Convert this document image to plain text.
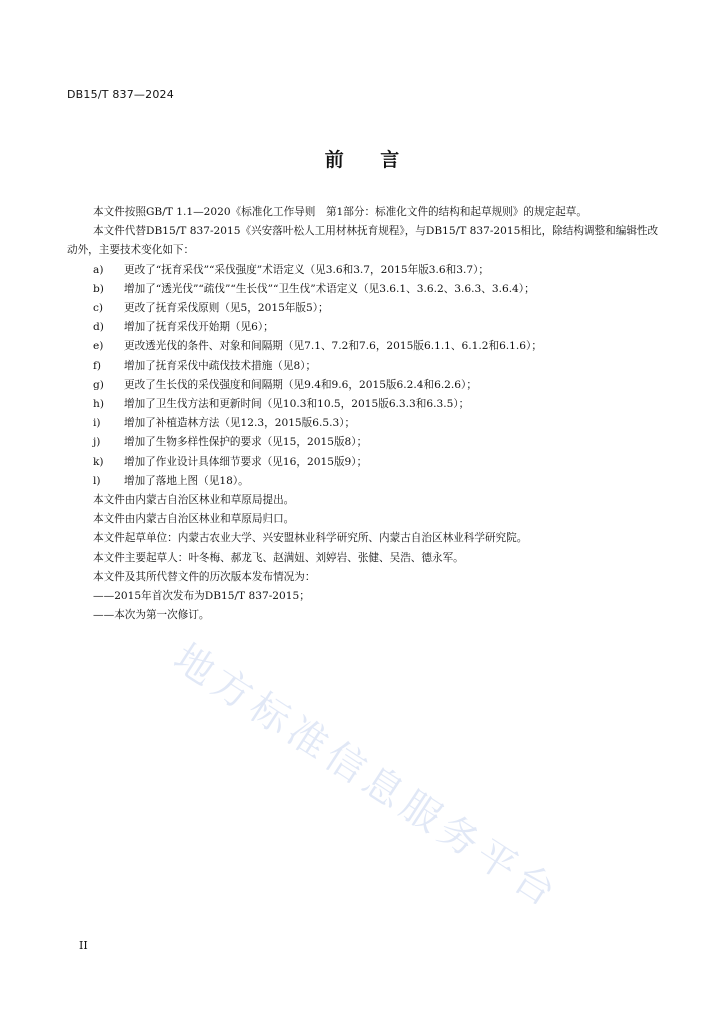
DB15/T 837—2024
前 言

本文件按照GB/T 1.1—2020《标准化工作导则　第1部分：标准化文件的结构和起草规则》的规定起草。

本文件代替DB15/T 837-2015《兴安落叶松人工用材林抚育规程》，与DB15/T 837-2015相比，除结构调整和编辑性改动外，主要技术变化如下：

a)	更改了“抚育采伐”“采伐强度”术语定义（见3.6和3.7，2015年版3.6和3.7）；

b)	增加了“透光伐”“疏伐”“生长伐”“卫生伐”术语定义（见3.6.1、3.6.2、3.6.3、3.6.4）；

c)	更改了抚育采伐原则（见5，2015年版5）；

d)	增加了抚育采伐开始期（见6）；

e)	更改透光伐的条件、对象和间隔期（见7.1、7.2和7.6，2015版6.1.1、6.1.2和6.1.6）；

f)	增加了抚育采伐中疏伐技术措施（见8）；

g)	更改了生长伐的采伐强度和间隔期（见9.4和9.6，2015版6.2.4和6.2.6）；

h)	增加了卫生伐方法和更新时间（见10.3和10.5，2015版6.3.3和6.3.5）；

i)	增加了补植造林方法（见12.3，2015版6.5.3）；

j)	增加了生物多样性保护的要求（见15，2015版8）；

k)	增加了作业设计具体细节要求（见16，2015版9）；

l)	增加了落地上图（见18）。

本文件由内蒙古自治区林业和草原局提出。

本文件由内蒙古自治区林业和草原局归口。

本文件起草单位：内蒙古农业大学、兴安盟林业科学研究所、内蒙古自治区林业科学研究院。

本文件主要起草人：叶冬梅、郝龙飞、赵满妞、刘婷岩、张健、吴浩、德永军。

本文件及其所代替文件的历次版本发布情况为：

——2015年首次发布为DB15/T 837-2015；

——本次为第一次修订。

地方标准信息服务平台
II
